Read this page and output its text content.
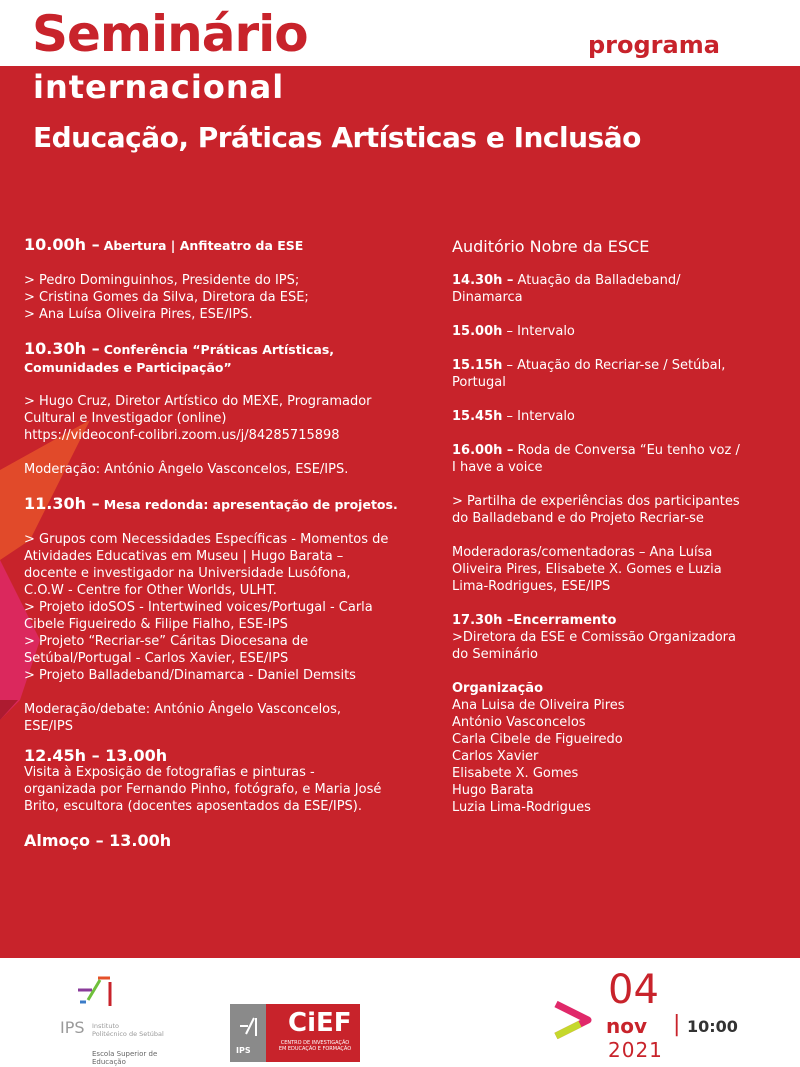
Seminário	programa
internacional
Educação, Práticas Artísticas e Inclusão

10.00h – Abertura | Anfiteatro da ESE

> Pedro Dominguinhos, Presidente do IPS;

> Cristina Gomes da Silva, Diretora da ESE;

> Ana Luísa Oliveira Pires, ESE/IPS.

10.30h – Conferência “Práticas Artísticas,

Comunidades e Participação”

> Hugo Cruz, Diretor Artístico do MEXE, Programador

Cultural e Investigador (online)

https://videoconf-colibri.zoom.us/j/84285715898

Moderação: António Ângelo Vasconcelos, ESE/IPS.

11.30h – Mesa redonda: apresentação de projetos.

> Grupos com Necessidades Específicas - Momentos de

Atividades Educativas em Museu | Hugo Barata –

docente e investigador na Universidade Lusófona,

C.O.W - Centre for Other Worlds, ULHT.

> Projeto idoSOS - Intertwined voices/Portugal - Carla

Cibele Figueiredo & Filipe Fialho, ESE-IPS

> Projeto “Recriar-se” Cáritas Diocesana de

Setúbal/Portugal - Carlos Xavier, ESE/IPS

> Projeto Balladeband/Dinamarca - Daniel Demsits

Moderação/debate: António Ângelo Vasconcelos,

ESE/IPS

12.45h – 13.00h

Visita à Exposição de fotografias e pinturas -

organizada por Fernando Pinho, fotógrafo, e Maria José

Brito, escultora (docentes aposentados da ESE/IPS).

Almoço – 13.00h

Auditório Nobre da ESCE

14.30h – Atuação da Balladeband/

Dinamarca

15.00h – Intervalo

15.15h – Atuação do Recriar-se / Setúbal,

Portugal

15.45h – Intervalo

16.00h – Roda de Conversa “Eu tenho voz /

I have a voice

> Partilha de experiências dos participantes

do Balladeband e do Projeto Recriar-se

Moderadoras/comentadoras – Ana Luísa

Oliveira Pires, Elisabete X. Gomes e Luzia

Lima-Rodrigues, ESE/IPS

17.30h –Encerramento

>Diretora da ESE e Comissão Organizadora

do Seminário

Organização

Ana Luisa de Oliveira Pires

António Vasconcelos

Carla Cibele de Figueiredo

Carlos Xavier

Elisabete X. Gomes

Hugo Barata

Luzia Lima-Rodrigues

IPS Instituto
Politécnico de Setúbal
Escola Superior de
Educação
IPS
CiEF
CENTRO DE INVESTIGAÇÃO
EM EDUCAÇÃO E FORMAÇÃO
04
nov | 10:00
2021
